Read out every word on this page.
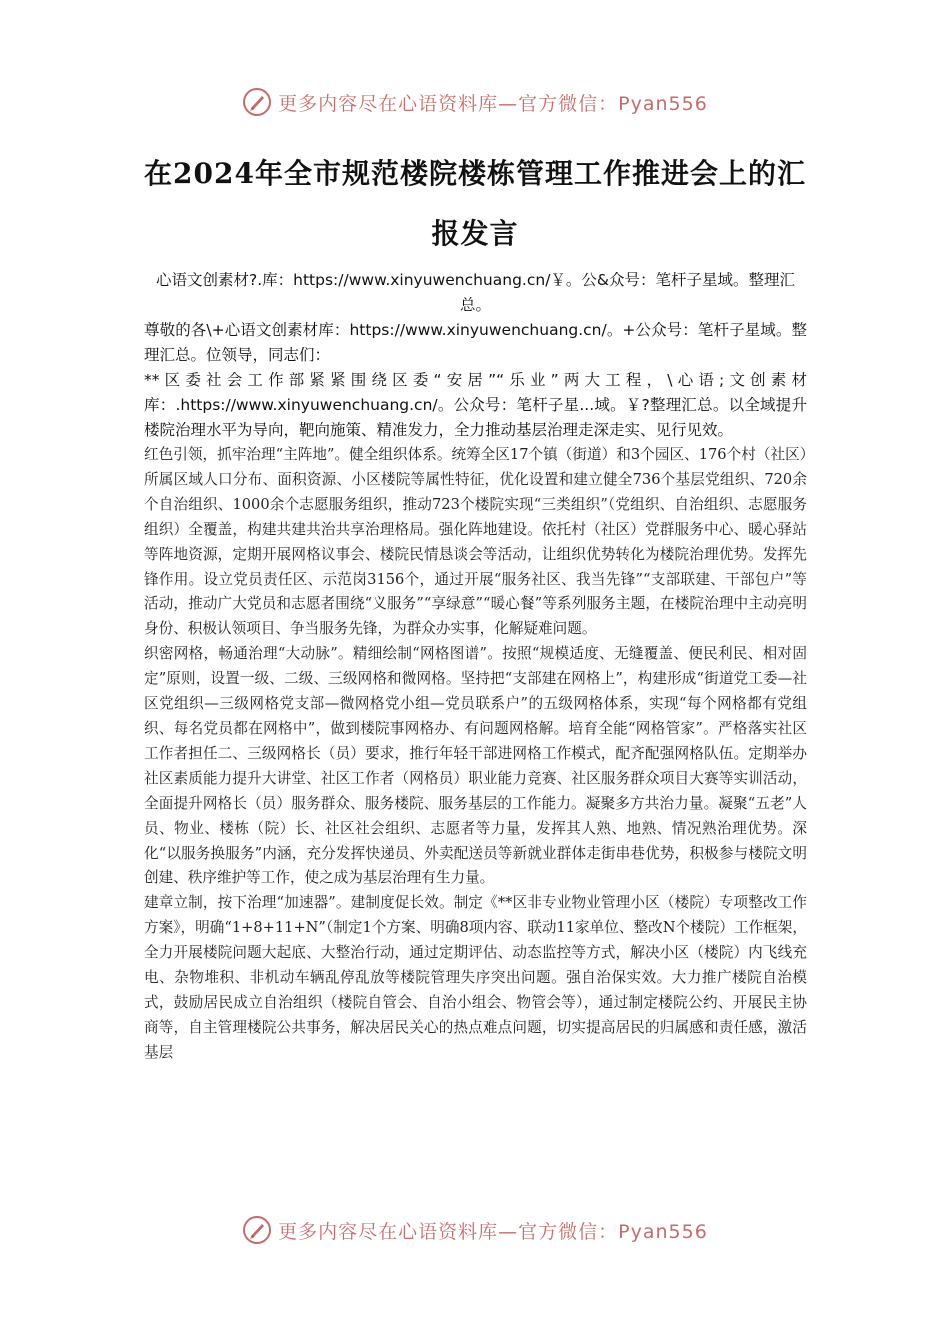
更多内容尽在心语资料库—官方微信：Pyan556
在2024年全市规范楼院楼栋管理工作推进会上的汇报发言

心语文创素材?.库：https://www.xinyuwenchuang.cn/￥。公&众号：笔杆子星域。整理汇总。

尊敬的各\+心语文创素材库：https://www.xinyuwenchuang.cn/。+公众号：笔杆子星域。整理汇总。位领导，同志们：

**区委社会工作部紧紧围绕区委“安居”“乐业”两大工程，\心语;文创素材库：.https://www.xinyuwenchuang.cn/。公众号：笔杆子星...域。￥?整理汇总。以全域提升楼院治理水平为导向，靶向施策、精准发力，全力推动基层治理走深走实、见行见效。

红色引领，抓牢治理“主阵地”。健全组织体系。统筹全区17个镇（街道）和3个园区、176个村（社区）所属区域人口分布、面积资源、小区楼院等属性特征，优化设置和建立健全736个基层党组织、720余个自治组织、1000余个志愿服务组织，推动723个楼院实现“三类组织”（党组织、自治组织、志愿服务组织）全覆盖，构建共建共治共享治理格局。强化阵地建设。依托村（社区）党群服务中心、暖心驿站等阵地资源，定期开展网格议事会、楼院民情恳谈会等活动，让组织优势转化为楼院治理优势。发挥先锋作用。设立党员责任区、示范岗3156个，通过开展“服务社区、我当先锋”“支部联建、干部包户”等活动，推动广大党员和志愿者围绕“义服务”“享绿意”“暖心餐”等系列服务主题，在楼院治理中主动亮明身份、积极认领项目、争当服务先锋，为群众办实事，化解疑难问题。

织密网格，畅通治理“大动脉”。精细绘制“网格图谱”。按照“规模适度、无缝覆盖、便民利民、相对固定”原则，设置一级、二级、三级网格和微网格。坚持把“支部建在网格上”，构建形成“街道党工委—社区党组织—三级网格党支部—微网格党小组—党员联系户”的五级网格体系，实现“每个网格都有党组织、每名党员都在网格中”，做到楼院事网格办、有问题网格解。培育全能“网格管家”。严格落实社区工作者担任二、三级网格长（员）要求，推行年轻干部进网格工作模式，配齐配强网格队伍。定期举办社区素质能力提升大讲堂、社区工作者（网格员）职业能力竞赛、社区服务群众项目大赛等实训活动，全面提升网格长（员）服务群众、服务楼院、服务基层的工作能力。凝聚多方共治力量。凝聚“五老”人员、物业、楼栋（院）长、社区社会组织、志愿者等力量，发挥其人熟、地熟、情况熟治理优势。深化“以服务换服务”内涵，充分发挥快递员、外卖配送员等新就业群体走街串巷优势，积极参与楼院文明创建、秩序维护等工作，使之成为基层治理有生力量。

建章立制，按下治理“加速器”。建制度促长效。制定《**区非专业物业管理小区（楼院）专项整改工作方案》，明确“1+8+11+N”（制定1个方案、明确8项内容、联动11家单位、整改N个楼院）工作框架，全力开展楼院问题大起底、大整治行动，通过定期评估、动态监控等方式，解决小区（楼院）内飞线充电、杂物堆积、非机动车辆乱停乱放等楼院管理失序突出问题。强自治保实效。大力推广楼院自治模式，鼓励居民成立自治组织（楼院自管会、自治小组会、物管会等），通过制定楼院公约、开展民主协商等，自主管理楼院公共事务，解决居民关心的热点难点问题，切实提高居民的归属感和责任感，激活基层

更多内容尽在心语资料库—官方微信：Pyan556
